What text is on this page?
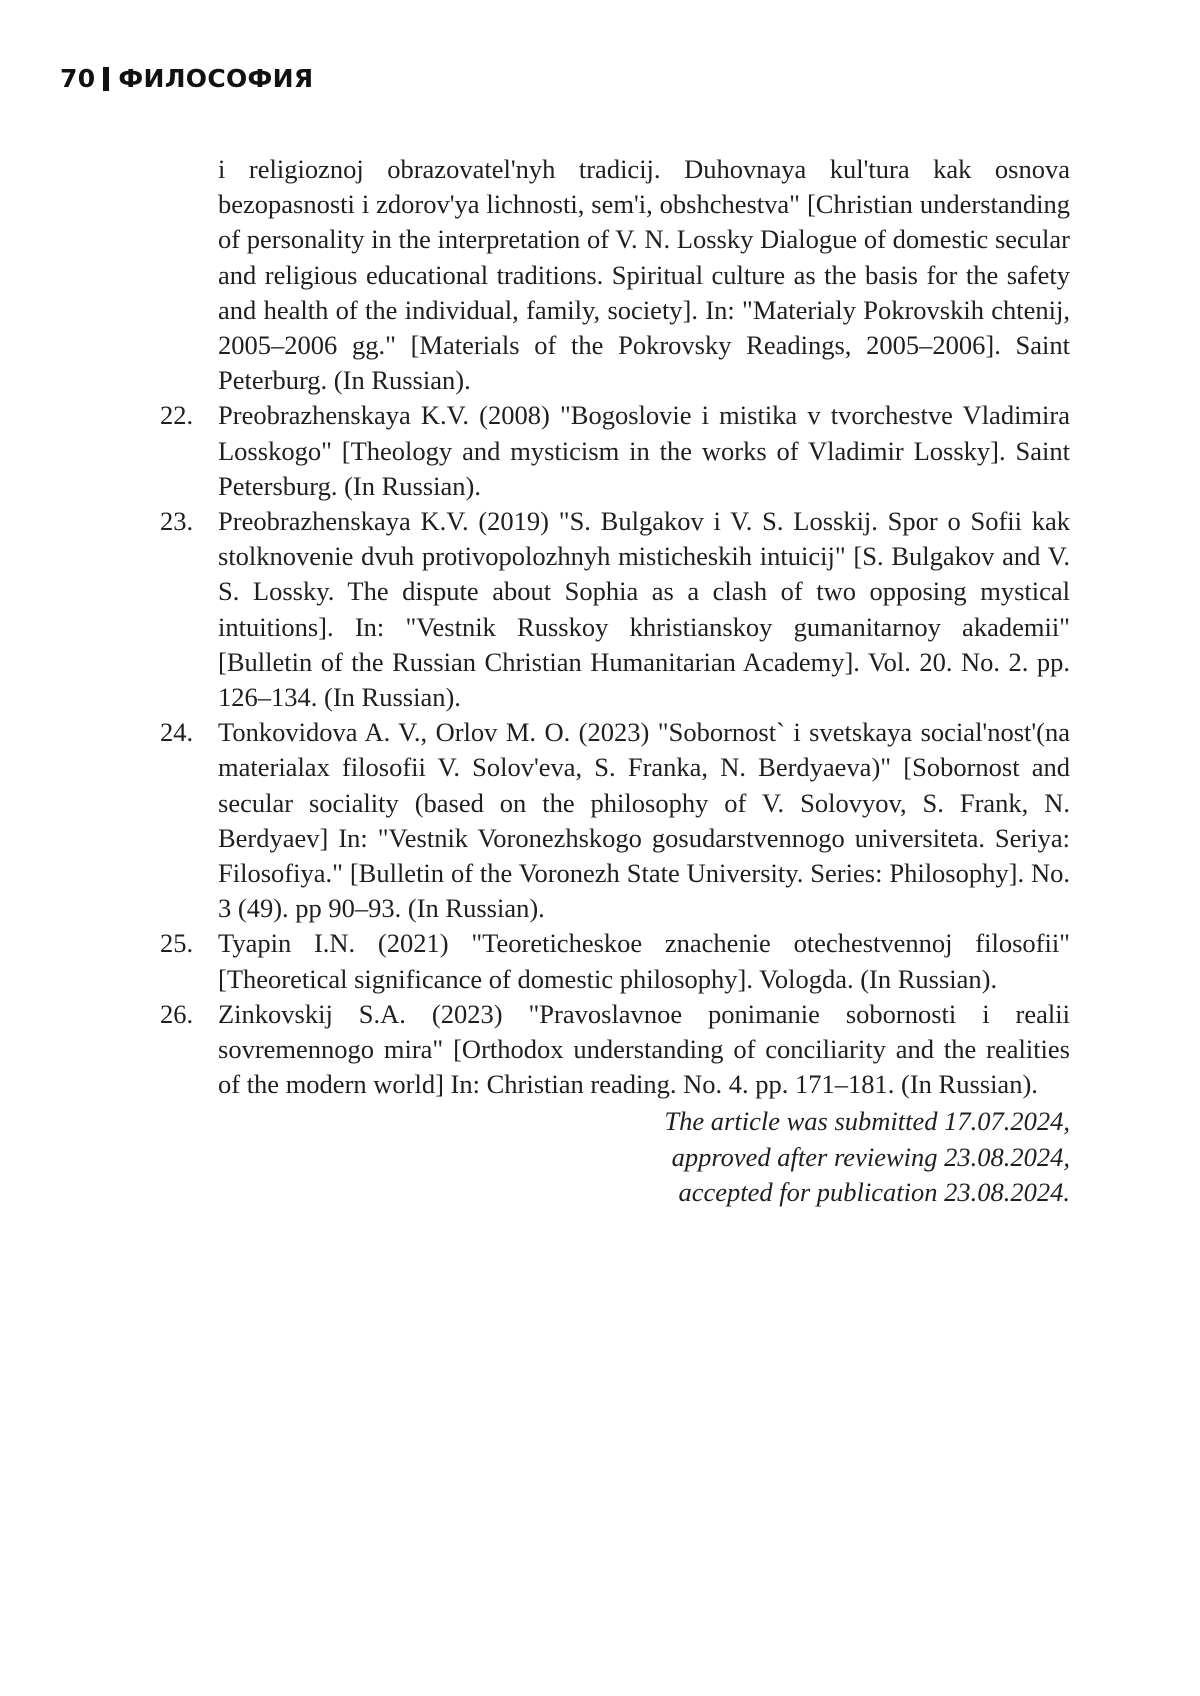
70 ФИЛОСОФИЯ
i religioznoj obrazovatel'nyh tradicij. Duhovnaya kul'tura kak osnova bezopasnosti i zdorov'ya lichnosti, sem'i, obshchestva" [Christian understanding of personality in the interpretation of V. N. Lossky Dialogue of domestic secular and religious educational traditions. Spiritual culture as the basis for the safety and health of the individual, family, society]. In: "Materialy Pokrovskih chtenij, 2005–2006 gg." [Materials of the Pokrovsky Readings, 2005–2006]. Saint Peterburg. (In Russian).
22. Preobrazhenskaya K.V. (2008) "Bogoslovie i mistika v tvorchestve Vladimira Losskogo" [Theology and mysticism in the works of Vladimir Lossky]. Saint Petersburg. (In Russian).
23. Preobrazhenskaya K.V. (2019) "S. Bulgakov i V. S. Losskij. Spor o Sofii kak stolknovenie dvuh protivopolozhnyh misticheskih intuicij" [S. Bulgakov and V. S. Lossky. The dispute about Sophia as a clash of two opposing mystical intuitions]. In: "Vestnik Russkoy khristianskoy gumanitarnoy akademii" [Bulletin of the Russian Christian Humanitarian Academy]. Vol. 20. No. 2. pp. 126–134. (In Russian).
24. Tonkovidova A. V., Orlov M. O. (2023) "Sobornost` i svetskaya social'nost'(na materialax filosofii V. Solov'eva, S. Franka, N. Berdyaeva)" [Sobornost and secular sociality (based on the philosophy of V. Solovyov, S. Frank, N. Berdyaev] In: "Vestnik Voronezhskogo gosudarstvennogo universiteta. Seriya: Filosofiya." [Bulletin of the Voronezh State University. Series: Philosophy]. No. 3 (49). pp 90–93. (In Russian).
25. Tyapin I.N. (2021) "Teoreticheskoe znachenie otechestvennoj filosofii" [Theoretical significance of domestic philosophy]. Vologda. (In Russian).
26. Zinkovskij S.A. (2023) "Pravoslavnoe ponimanie sobornosti i realii sovremennogo mira" [Orthodox understanding of conciliarity and the realities of the modern world] In: Christian reading. No. 4. pp. 171–181. (In Russian).
The article was submitted 17.07.2024,
approved after reviewing 23.08.2024,
accepted for publication 23.08.2024.
